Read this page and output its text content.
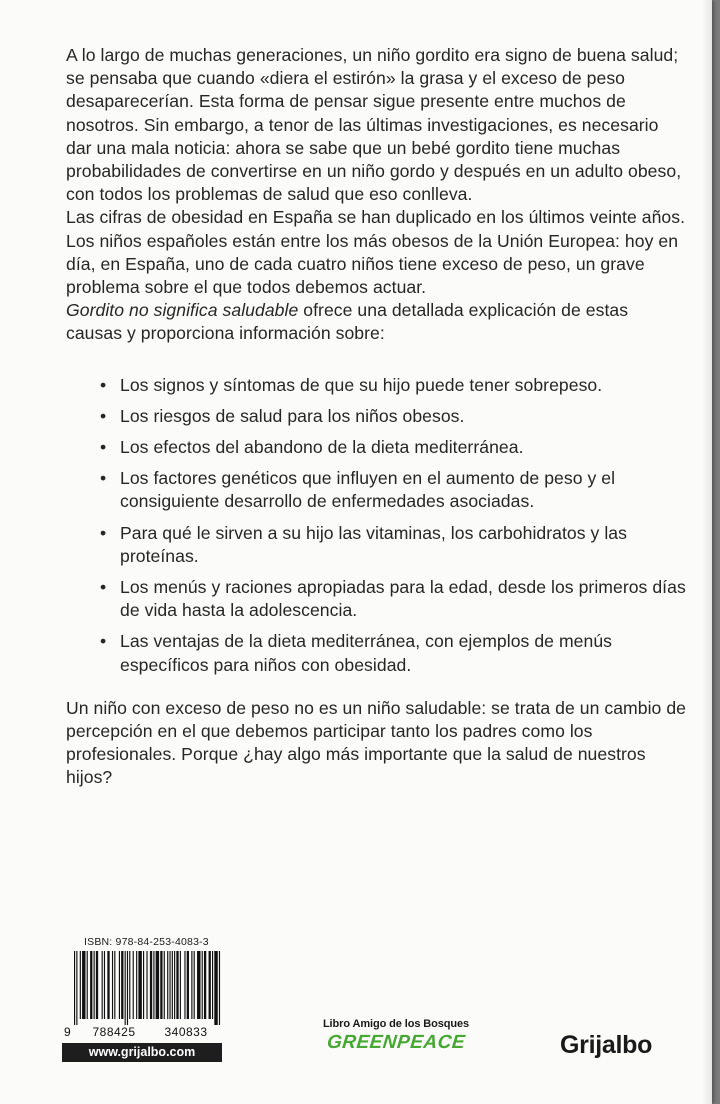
A lo largo de muchas generaciones, un niño gordito era signo de buena salud; se pensaba que cuando «diera el estirón» la grasa y el exceso de peso desaparecerían. Esta forma de pensar sigue presente entre muchos de nosotros. Sin embargo, a tenor de las últimas investigaciones, es necesario dar una mala noticia: ahora se sabe que un bebé gordito tiene muchas probabilidades de convertirse en un niño gordo y después en un adulto obeso, con todos los problemas de salud que eso conlleva.

Las cifras de obesidad en España se han duplicado en los últimos veinte años. Los niños españoles están entre los más obesos de la Unión Europea: hoy en día, en España, uno de cada cuatro niños tiene exceso de peso, un grave problema sobre el que todos debemos actuar.

Gordito no significa saludable ofrece una detallada explicación de estas causas y proporciona información sobre:

• Los signos y síntomas de que su hijo puede tener sobrepeso.
• Los riesgos de salud para los niños obesos.
• Los efectos del abandono de la dieta mediterránea.
• Los factores genéticos que influyen en el aumento de peso y el consiguiente desarrollo de enfermedades asociadas.
• Para qué le sirven a su hijo las vitaminas, los carbohidratos y las proteínas.
• Los menús y raciones apropiadas para la edad, desde los primeros días de vida hasta la adolescencia.
• Las ventajas de la dieta mediterránea, con ejemplos de menús específicos para niños con obesidad.

Un niño con exceso de peso no es un niño saludable: se trata de un cambio de percepción en el que debemos participar tanto los padres como los profesionales. Porque ¿hay algo más importante que la salud de nuestros hijos?

ISBN: 978-84-253-4083-3
9	788425	340833
www.grijalbo.com
Libro Amigo de los Bosques
GREENPEACE	Grijalbo
